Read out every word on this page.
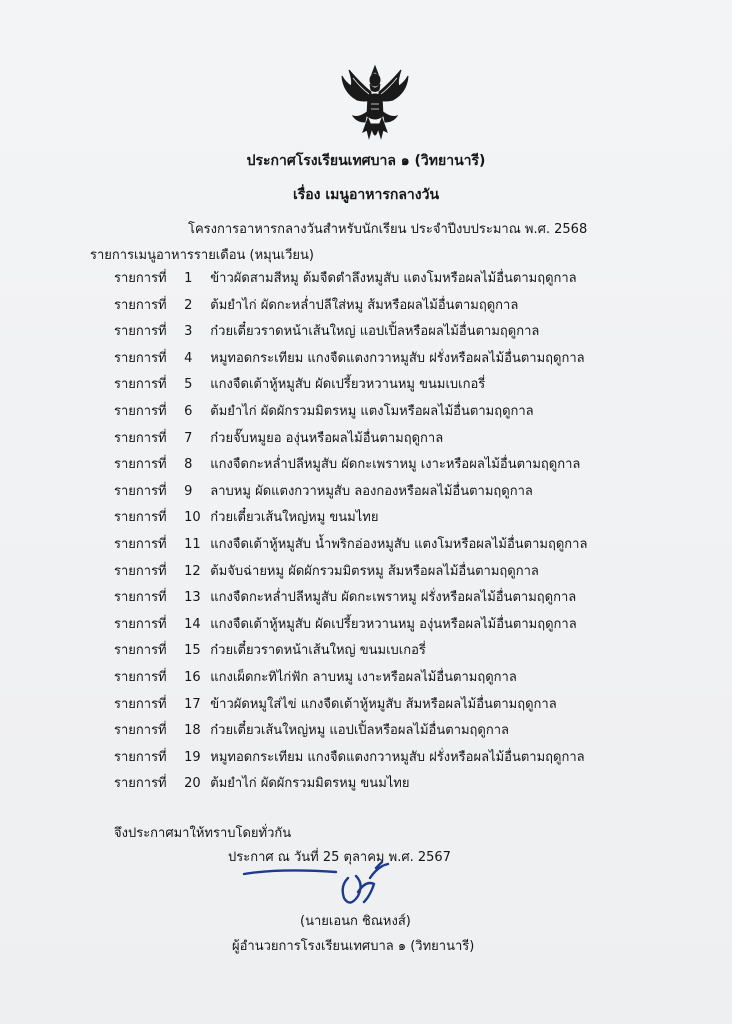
ประกาศโรงเรียนเทศบาล ๑ (วิทยานารี)
เรื่อง เมนูอาหารกลางวัน
โครงการอาหารกลางวันสำหรับนักเรียน ประจำปีงบประมาณ พ.ศ. 2568
รายการเมนูอาหารรายเดือน (หมุนเวียน)
รายการที่ 1 ข้าวผัดสามสีหมู ต้มจืดตำลึงหมูสับ แตงโมหรือผลไม้อื่นตามฤดูกาล
รายการที่ 2 ต้มยำไก่ ผัดกะหล่ำปลีใส่หมู ส้มหรือผลไม้อื่นตามฤดูกาล
รายการที่ 3 ก๋วยเตี๋ยวราดหน้าเส้นใหญ่ แอปเปิ้ลหรือผลไม้อื่นตามฤดูกาล
รายการที่ 4 หมูทอดกระเทียม แกงจืดแตงกวาหมูสับ ฝรั่งหรือผลไม้อื่นตามฤดูกาล
รายการที่ 5 แกงจืดเต้าหู้หมูสับ ผัดเปรี้ยวหวานหมู ขนมเบเกอรี่
รายการที่ 6 ต้มยำไก่ ผัดผักรวมมิตรหมู แตงโมหรือผลไม้อื่นตามฤดูกาล
รายการที่ 7 ก๋วยจั๊บหมูยอ องุ่นหรือผลไม้อื่นตามฤดูกาล
รายการที่ 8 แกงจืดกะหล่ำปลีหมูสับ ผัดกะเพราหมู เงาะหรือผลไม้อื่นตามฤดูกาล
รายการที่ 9 ลาบหมู ผัดแตงกวาหมูสับ ลองกองหรือผลไม้อื่นตามฤดูกาล
รายการที่ 10 ก๋วยเตี๋ยวเส้นใหญ่หมู ขนมไทย
รายการที่ 11 แกงจืดเต้าหู้หมูสับ น้ำพริกอ่องหมูสับ แตงโมหรือผลไม้อื่นตามฤดูกาล
รายการที่ 12 ต้มจับฉ่ายหมู ผัดผักรวมมิตรหมู ส้มหรือผลไม้อื่นตามฤดูกาล
รายการที่ 13 แกงจืดกะหล่ำปลีหมูสับ ผัดกะเพราหมู ฝรั่งหรือผลไม้อื่นตามฤดูกาล
รายการที่ 14 แกงจืดเต้าหู้หมูสับ ผัดเปรี้ยวหวานหมู องุ่นหรือผลไม้อื่นตามฤดูกาล
รายการที่ 15 ก๋วยเตี๋ยวราดหน้าเส้นใหญ่ ขนมเบเกอรี่
รายการที่ 16 แกงเผ็ดกะทิไก่ฟัก ลาบหมู เงาะหรือผลไม้อื่นตามฤดูกาล
รายการที่ 17 ข้าวผัดหมูใส่ไข่ แกงจืดเต้าหู้หมูสับ ส้มหรือผลไม้อื่นตามฤดูกาล
รายการที่ 18 ก๋วยเตี๋ยวเส้นใหญ่หมู แอปเปิ้ลหรือผลไม้อื่นตามฤดูกาล
รายการที่ 19 หมูทอดกระเทียม แกงจืดแตงกวาหมูสับ ฝรั่งหรือผลไม้อื่นตามฤดูกาล
รายการที่ 20 ต้มยำไก่ ผัดผักรวมมิตรหมู ขนมไทย
จึงประกาศมาให้ทราบโดยทั่วกัน
ประกาศ ณ วันที่ 25 ตุลาคม พ.ศ. 2567
(นายเอนก ชิณหงส์)
ผู้อำนวยการโรงเรียนเทศบาล ๑ (วิทยานารี)
